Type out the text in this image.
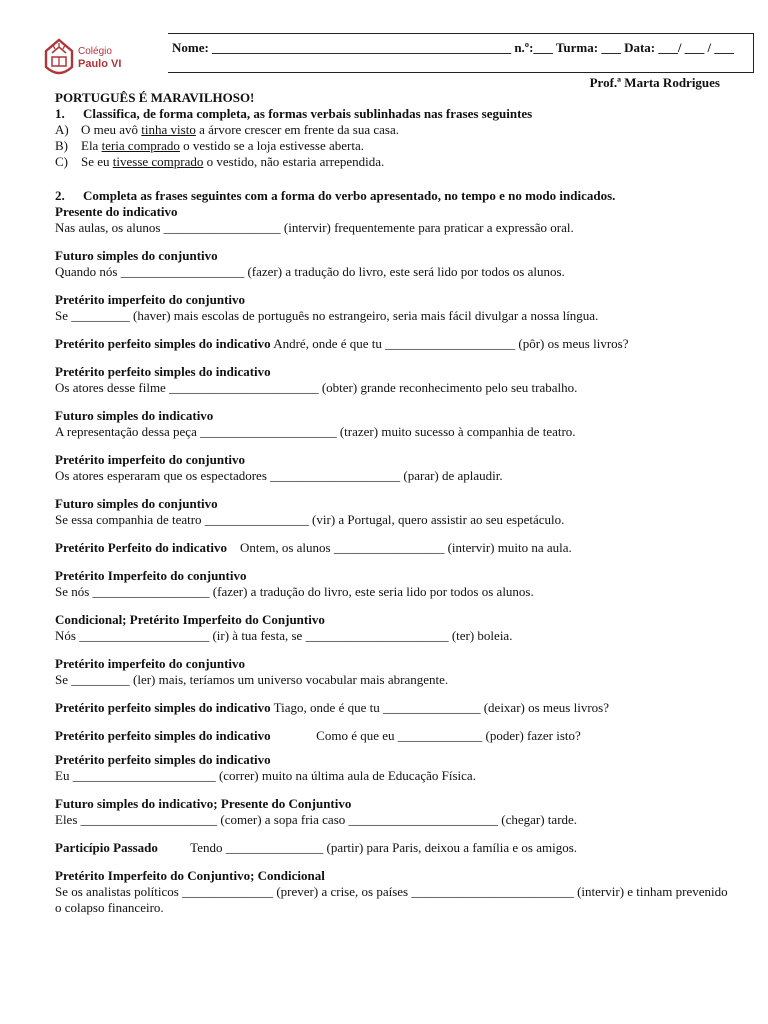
Colégio
Paulo VI
Nome: ______________________________________________ n.º:___ Turma: ___ Data: ___/ ___ / ___
Prof.ª Marta Rodrigues
PORTUGUÊS É MARAVILHOSO!
1.	Classifica, de forma completa, as formas verbais sublinhadas nas frases seguintes
A) O meu avô tinha visto a árvore crescer em frente da sua casa.
B)	Ela teria comprado o vestido se a loja estivesse aberta.
C)	Se eu tivesse comprado o vestido, não estaria arrependida.
2.	Completa as frases seguintes com a forma do verbo apresentado, no tempo e no modo indicados.
Presente do indicativo
Nas aulas, os alunos __________________ (intervir) frequentemente para praticar a expressão oral.
Futuro simples do conjuntivo
Quando nós ___________________ (fazer) a tradução do livro, este será lido por todos os alunos.
Pretérito imperfeito do conjuntivo
Se _________ (haver) mais escolas de português no estrangeiro, seria mais fácil divulgar a nossa língua.
Pretérito perfeito simples do indicativo André, onde é que tu ____________________ (pôr) os meus livros?
Pretérito perfeito simples do indicativo
Os atores desse filme _______________________ (obter) grande reconhecimento pelo seu trabalho.
Futuro simples do indicativo
A representação dessa peça _____________________ (trazer) muito sucesso à companhia de teatro.
Pretérito imperfeito do conjuntivo
Os atores esperaram que os espectadores ____________________ (parar) de aplaudir.
Futuro simples do conjuntivo
Se essa companhia de teatro ________________ (vir) a Portugal, quero assistir ao seu espetáculo.
Pretérito Perfeito do indicativo    Ontem, os alunos _________________ (intervir) muito na aula.
Pretérito Imperfeito do conjuntivo
Se nós __________________ (fazer) a tradução do livro, este seria lido por todos os alunos.
Condicional; Pretérito Imperfeito do Conjuntivo
Nós ____________________ (ir) à tua festa, se ______________________ (ter) boleia.
Pretérito imperfeito do conjuntivo
Se _________ (ler) mais, teríamos um universo vocabular mais abrangente.
Pretérito perfeito simples do indicativo Tiago, onde é que tu _______________ (deixar) os meus livros?
Pretérito perfeito simples do indicativo              Como é que eu _____________ (poder) fazer isto?
Pretérito perfeito simples do indicativo
Eu ______________________ (correr) muito na última aula de Educação Física.
Futuro simples do indicativo; Presente do Conjuntivo
Eles _____________________ (comer) a sopa fria caso _______________________ (chegar) tarde.
Particípio Passado          Tendo _______________ (partir) para Paris, deixou a família e os amigos.
Pretérito Imperfeito do Conjuntivo; Condicional
Se os analistas políticos ______________ (prever) a crise, os países _________________________ (intervir) e tinham prevenido o colapso financeiro.
